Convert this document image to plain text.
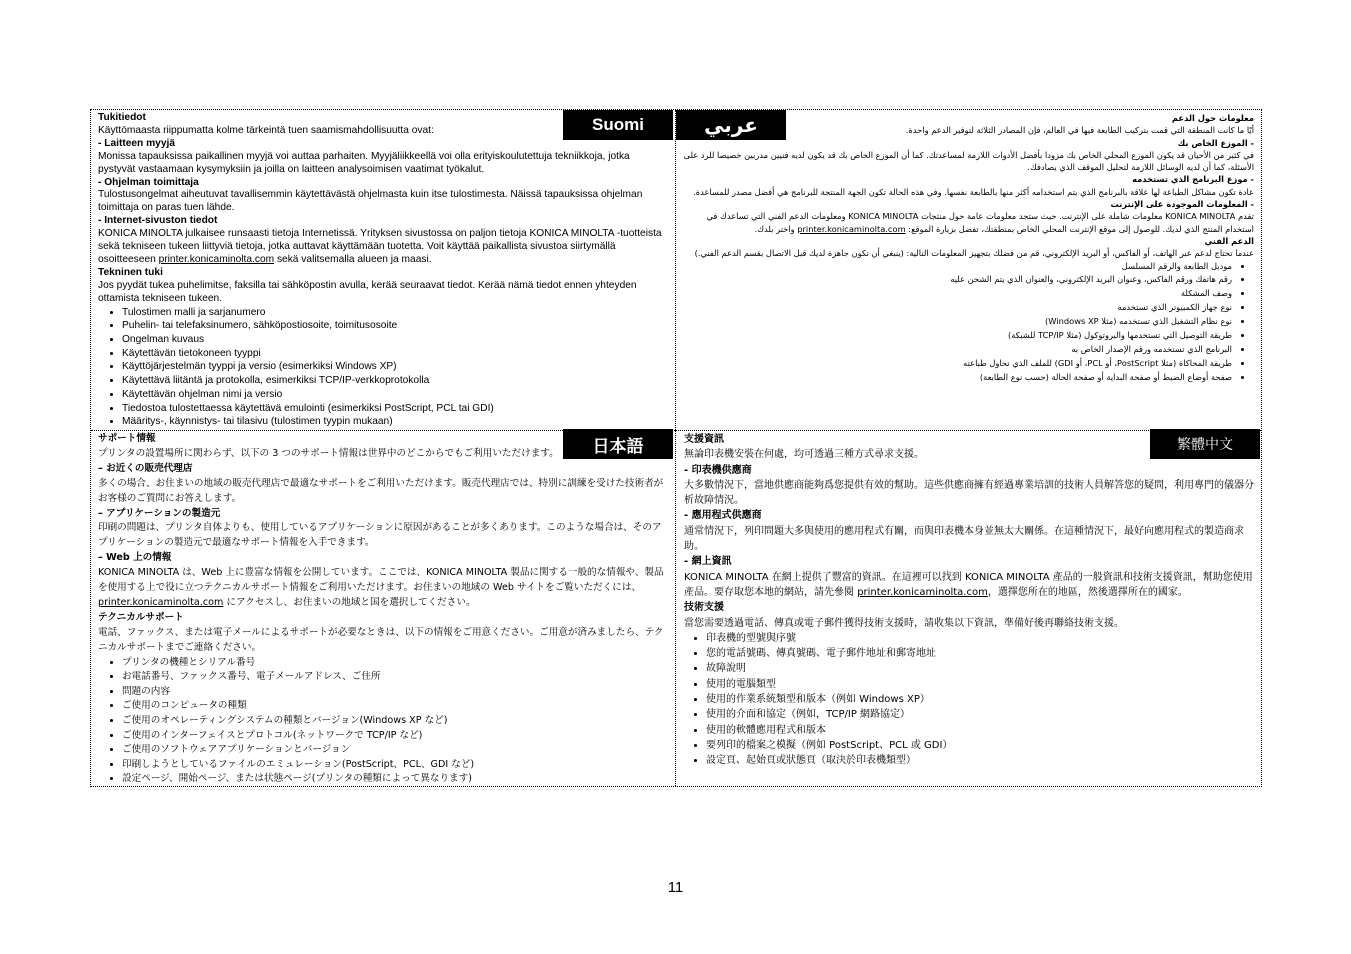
Tukitiedot

Käyttömaasta riippumatta kolme tärkeintä tuen saamismahdollisuutta ovat:

- Laitteen myyjä

Monissa tapauksissa paikallinen myyjä voi auttaa parhaiten. Myyjäliikkeellä voi olla erityiskoulutettuja tekniikkoja, jotka pystyvät vastaamaan kysymyksiin ja joilla on laitteen analysoimisen vaatimat työkalut.

- Ohjelman toimittaja

Tulostusongelmat aiheutuvat tavallisemmin käytettävästä ohjelmasta kuin itse tulostimesta. Näissä tapauksissa ohjelman toimittaja on paras tuen lähde.

- Internet-sivuston tiedot

KONICA MINOLTA julkaisee runsaasti tietoja Internetissä. Yrityksen sivustossa on paljon tietoja KONICA MINOLTA -tuotteista sekä tekniseen tukeen liittyviä tietoja, jotka auttavat käyttämään tuotetta. Voit käyttää paikallista sivustoa siirtymällä osoitteeseen printer.konicaminolta.com sekä valitsemalla alueen ja maasi.

Tekninen tuki

Jos pyydät tukea puhelimitse, faksilla tai sähköpostin avulla, kerää seuraavat tiedot. Kerää nämä tiedot ennen yhteyden ottamista tekniseen tukeen.

• Tulostimen malli ja sarjanumero
• Puhelin- tai telefaksinumero, sähköpostiosoite, toimitusosoite
• Ongelman kuvaus
• Käytettävän tietokoneen tyyppi
• Käyttöjärjestelmän tyyppi ja versio (esimerkiksi Windows XP)
• Käytettävä liitäntä ja protokolla, esimerkiksi TCP/IP-verkkoprotokolla
• Käytettävän ohjelman nimi ja versio
• Tiedostoa tulostettaessa käytettävä emulointi (esimerkiksi PostScript, PCL tai GDI)
• Määritys-, käynnistys- tai tilasivu (tulostimen tyypin mukaan)

معلومات حول الدعم

أيًا ما كانت المنطقة التي قمت بتركيب الطابعة فيها في العالم، فإن المصادر الثلاثة لتوفير الدعم واحدة.

- الموزع الخاص بك

في كثير من الأحيان قد يكون الموزع المحلي الخاص بك مزودا بأفضل الأدوات اللازمة لمساعدتك. كما أن الموزع الخاص بك قد يكون لديه فنيين مدربين خصيصا للرد على الأسئلة، كما أن لديه الوسائل اللازمة لتحليل الموقف الذي يصادفك.

- موزع البرنامج الذي تستخدمه

عادة تكون مشاكل الطباعة لها علاقة بالبرنامج الذي يتم استخدامه أكثر منها بالطابعة نفسها. وفي هذه الحالة تكون الجهة المنتجة للبرنامج هي أفضل مصدر للمساعدة.

- المعلومات الموجودة على الإنترنت

تقدم KONICA MINOLTA معلومات شاملة على الإنترنت. حيث ستجد معلومات عامة حول منتجات KONICA MINOLTA ومعلومات الدعم الفني التي تساعدك في استخدام المنتج الذي لديك. للوصول إلى موقع الإنترنت المحلي الخاص بمنطقتك، تفضل بزيارة الموقع: printer.konicaminolta.com واختر بلدك.

الدعم الفني

عندما تحتاج لدعم عبر الهاتف، أو الفاكس، أو البريد الإلكتروني، قم من فضلك بتجهيز المعلومات التالية: (ينبغي أن تكون جاهزة لديك قبل الاتصال بقسم الدعم الفني.)

• موديل الطابعة والرقم المسلسل
• رقم هاتفك ورقم الفاكس، وعنوان البريد الإلكتروني، والعنوان الذي يتم الشحن عليه
• وصف المشكلة
• نوع جهاز الكمبيوتر الذي تستخدمه
• نوع نظام التشغيل الذي تستخدمه (مثلا Windows XP)
• طريقة التوصيل التي تستخدمها والبروتوكول (مثلا TCP/IP للشبكة)
• البرنامج الذي تستخدمه ورقم الإصدار الخاص به
• طريقة المحاكاة (مثلا PostScript، أو PCL، أو GDI) للملف الذي تحاول طباعته
• صفحة أوضاع الضبط أو صفحة البداية أو صفحة الحالة (حسب نوع الطابعة)

サポート情報

プリンタの設置場所に関わらず、以下の 3 つのサポート情報は世界中のどこからでもご利用いただけます。

– お近くの販売代理店

多くの場合、お住まいの地域の販売代理店で最適なサポートをご利用いただけます。販売代理店では、特別に訓練を受けた技術者がお客様のご質問にお答えします。

– アプリケーションの製造元

印刷の問題は、プリンタ自体よりも、使用しているアプリケーションに原因があることが多くあります。このような場合は、そのアプリケーションの製造元で最適なサポート情報を入手できます。

– Web 上の情報

KONICA MINOLTA は、Web 上に豊富な情報を公開しています。ここでは、KONICA MINOLTA 製品に関する一般的な情報や、製品を使用する上で役に立つテクニカルサポート情報をご利用いただけます。お住まいの地域の Web サイトをご覧いただくには、printer.konicaminolta.com にアクセスし、お住まいの地域と国を選択してください。

テクニカルサポート

電話、ファックス、または電子メールによるサポートが必要なときは、以下の情報をご用意ください。ご用意が済みましたら、テクニカルサポートまでご連絡ください。

• プリンタの機種とシリアル番号
• お電話番号、ファックス番号、電子メールアドレス、ご住所
• 問題の内容
• ご使用のコンピュータの種類
• ご使用のオペレーティングシステムの種類とバージョン(Windows XP など)
• ご使用のインターフェイスとプロトコル(ネットワークで TCP/IP など)
• ご使用のソフトウェアアプリケーションとバージョン
• 印刷しようとしているファイルのエミュレーション(PostScript、PCL、GDI など)
• 設定ページ、開始ページ、または状態ページ(プリンタの種類によって異なります)

支援資訊

無論印表機安裝在何處，均可透過三種方式尋求支援。

- 印表機供應商

大多數情況下，當地供應商能夠爲您提供有效的幫助。這些供應商擁有經過專業培訓的技術人員解答您的疑問，利用專門的儀器分析故障情況。

- 應用程式供應商

通常情況下，列印問題大多與使用的應用程式有關，而與印表機本身並無太大關係。在這種情況下，最好向應用程式的製造商求助。

- 網上資訊

KONICA MINOLTA 在網上提供了豐富的資訊。在這裡可以找到 KONICA MINOLTA 產品的一般資訊和技術支援資訊，幫助您使用產品。要存取您本地的網站，請先參閱 printer.konicaminolta.com，選擇您所在的地區，然後選擇所在的國家。

技術支援

當您需要透過電話、傳真或電子郵件獲得技術支援時，請收集以下資訊，準備好後再聯絡技術支援。

• 印表機的型號與序號
• 您的電話號碼、傳真號碼、電子郵件地址和郵寄地址
• 故障說明
• 使用的電腦類型
• 使用的作業系統類型和版本（例如 Windows XP）
• 使用的介面和協定（例如，TCP/IP 網路協定）
• 使用的軟體應用程式和版本
• 要列印的檔案之模擬（例如 PostScript、PCL 或 GDI）
• 設定頁、起始頁或狀態頁（取決於印表機類型）
Suomi	عربي
日本語	繁體中文
11
